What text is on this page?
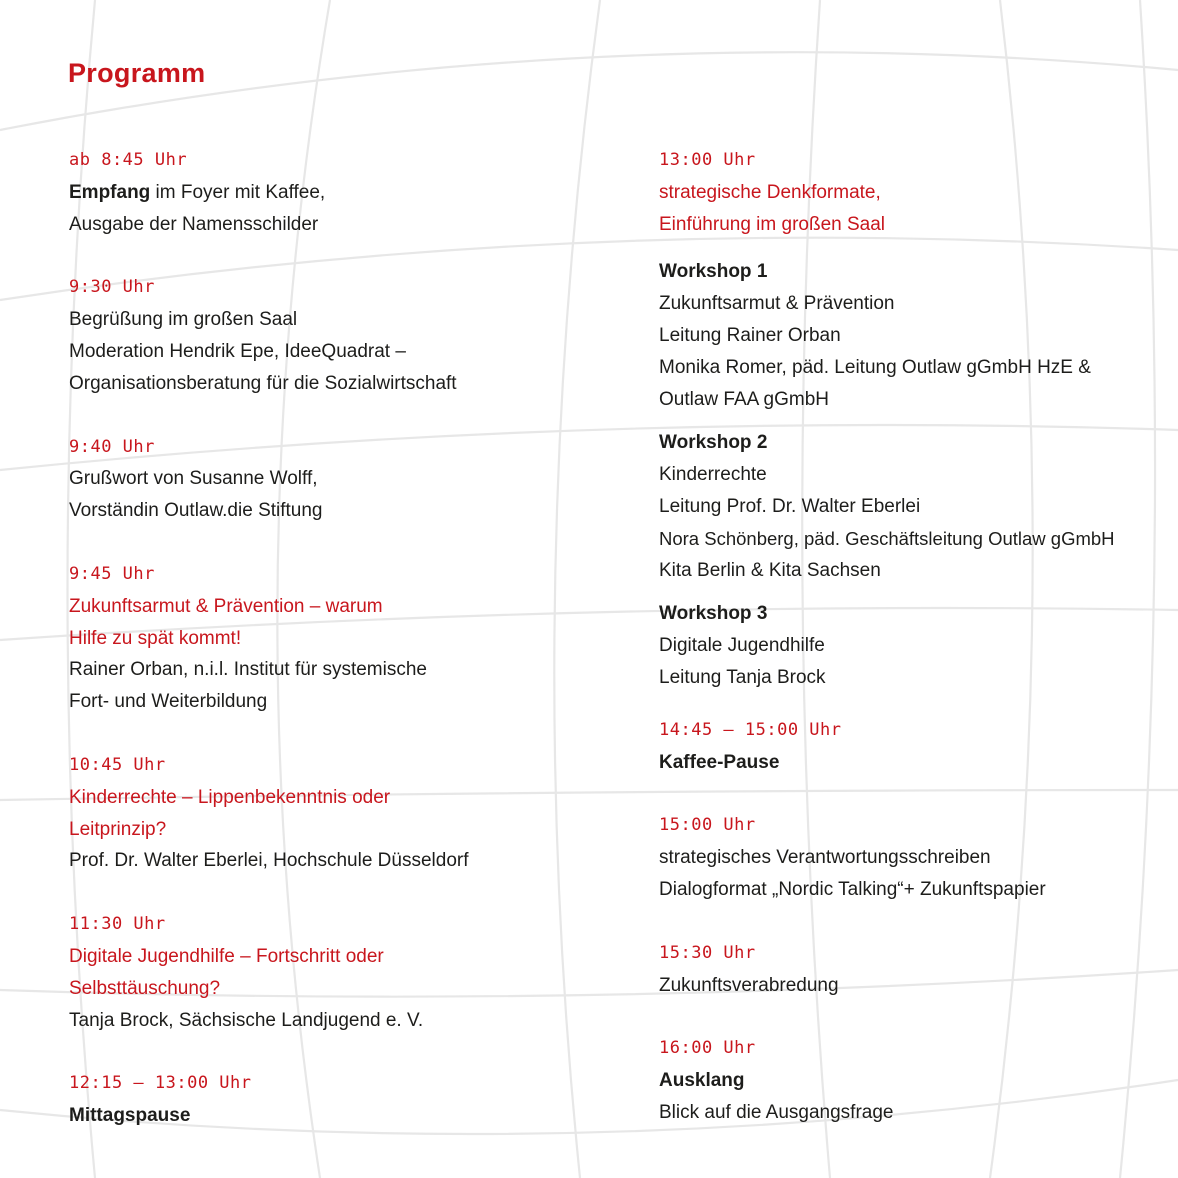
Programm
ab 8:45 Uhr
Empfang im Foyer mit Kaffee,
Ausgabe der Namensschilder
9:30 Uhr
Begrüßung im großen Saal
Moderation Hendrik Epe, IdeeQuadrat –
Organisationsberatung für die Sozialwirtschaft
9:40 Uhr
Grußwort von Susanne Wolff,
Vorständin Outlaw.die Stiftung
9:45 Uhr
Zukunftsarmut & Prävention – warum
Hilfe zu spät kommt!
Rainer Orban, n.i.l. Institut für systemische
Fort- und Weiterbildung
10:45 Uhr
Kinderrechte – Lippenbekenntnis oder
Leitprinzip?
Prof. Dr. Walter Eberlei, Hochschule Düsseldorf
11:30 Uhr
Digitale Jugendhilfe – Fortschritt oder
Selbsttäuschung?
Tanja Brock, Sächsische Landjugend e. V.
12:15 – 13:00 Uhr
Mittagspause
13:00 Uhr
strategische Denkformate,
Einführung im großen Saal
Workshop 1
Zukunftsarmut & Prävention
Leitung Rainer Orban
Monika Romer, päd. Leitung Outlaw gGmbH HzE &
Outlaw FAA gGmbH
Workshop 2
Kinderrechte
Leitung Prof. Dr. Walter Eberlei
Nora Schönberg, päd. Geschäftsleitung Outlaw gGmbH
Kita Berlin & Kita Sachsen
Workshop 3
Digitale Jugendhilfe
Leitung Tanja Brock
14:45 – 15:00 Uhr
Kaffee-Pause
15:00 Uhr
strategisches Verantwortungsschreiben
Dialogformat „Nordic Talking“+ Zukunftspapier
15:30 Uhr
Zukunftsverabredung
16:00 Uhr
Ausklang
Blick auf die Ausgangsfrage
